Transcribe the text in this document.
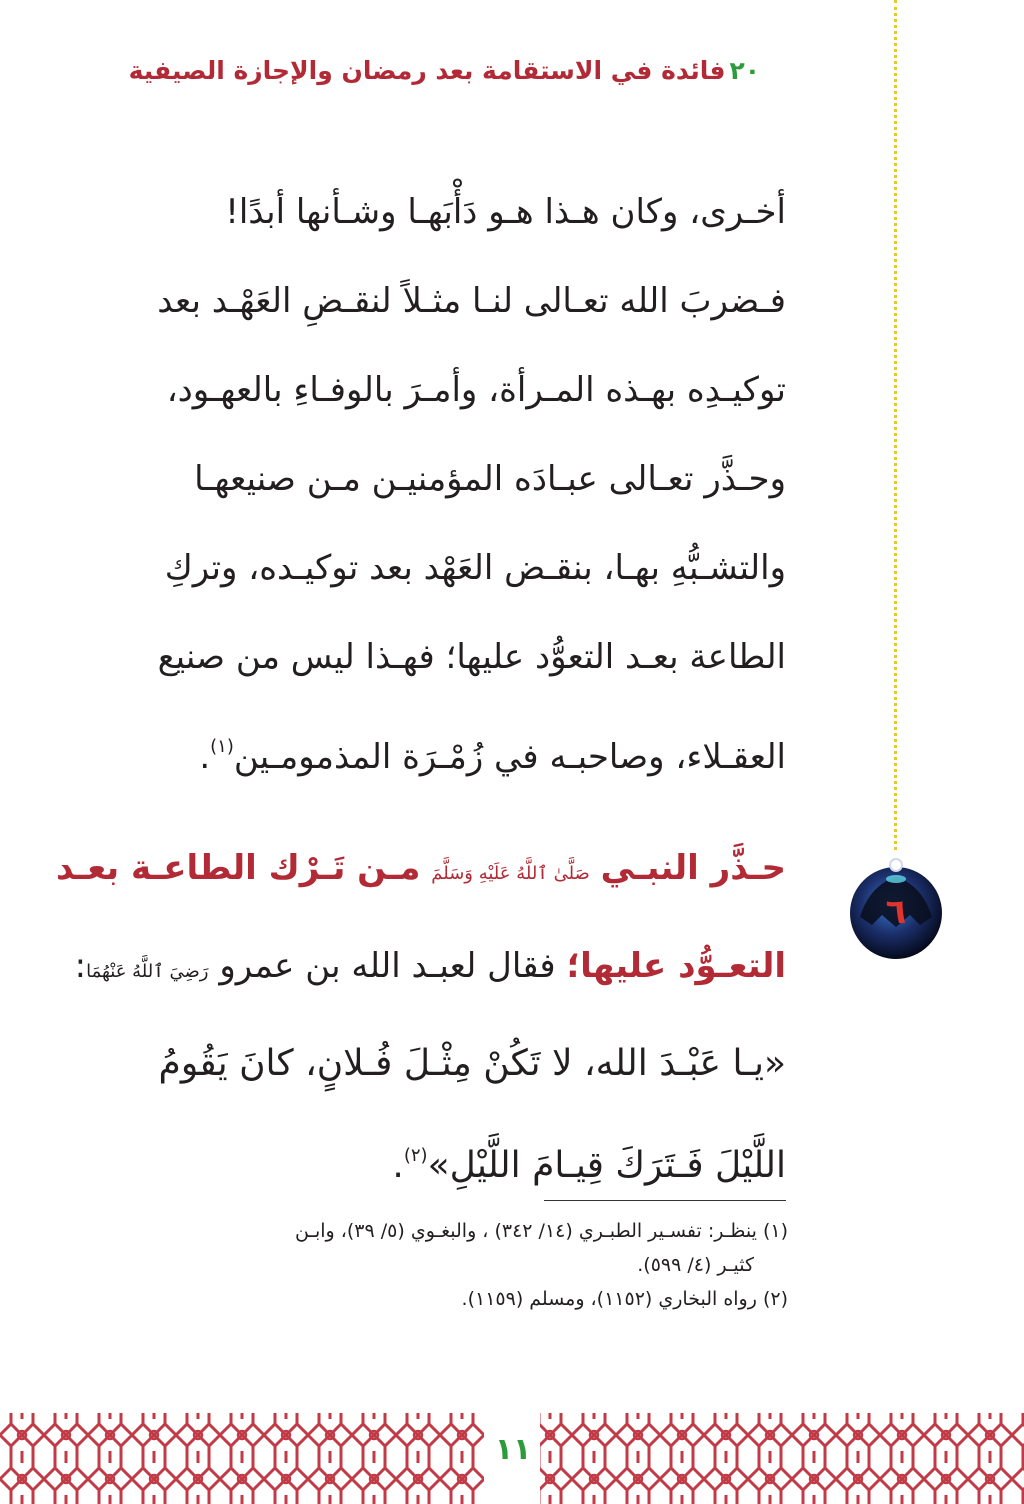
٢٠فائدة في الاستقامة بعد رمضان والإجازة الصيفية
٦
أخـرى، وكان هـذا هـو دَأْبَهـا وشـأنها أبدًا!
فـضربَ الله تعـالى لنـا مثـلاً لنقـضِ العَهْـد بعد
توكيـدِه بهـذه المـرأة، وأمـرَ بالوفـاءِ بالعهـود،
وحـذَّر تعـالى عبـادَه المؤمنيـن مـن صنيعهـا
والتشـبُّهِ بهـا، بنقـض العَهْد بعد توكيـده، وتركِ
الطاعة بعـد التعوُّد عليها؛ فهـذا ليس من صنيع
العقـلاء، وصاحبـه في زُمْـرَة المذمومـين$^{(١)}$.
حـذَّر النبـي صَلَّىٰ ٱللَّهُ عَلَيْهِ وَسَلَّمَ مـن تَـرْك الطاعـة بعـد
التعـوُّد عليها؛ فقال لعبـد الله بن عمرو رَضِيَ ٱللَّهُ عَنْهُمَا:
«يـا عَبْـدَ الله، لا تَكُنْ مِثْـلَ فُـلانٍ، كانَ يَقُومُ
اللَّيْلَ فَـتَرَكَ قِيـامَ اللَّيْلِ»$^{(٢)}$.
(١) ينظـر: تفسـير الطبـري (١٤/ ٣٤٢) ، والبغـوي (٥/ ٣٩)، وابـن
كثيـر (٤/ ٥٩٩).
(٢) رواه البخاري (١١٥٢)، ومسلم (١١٥٩).
١١
